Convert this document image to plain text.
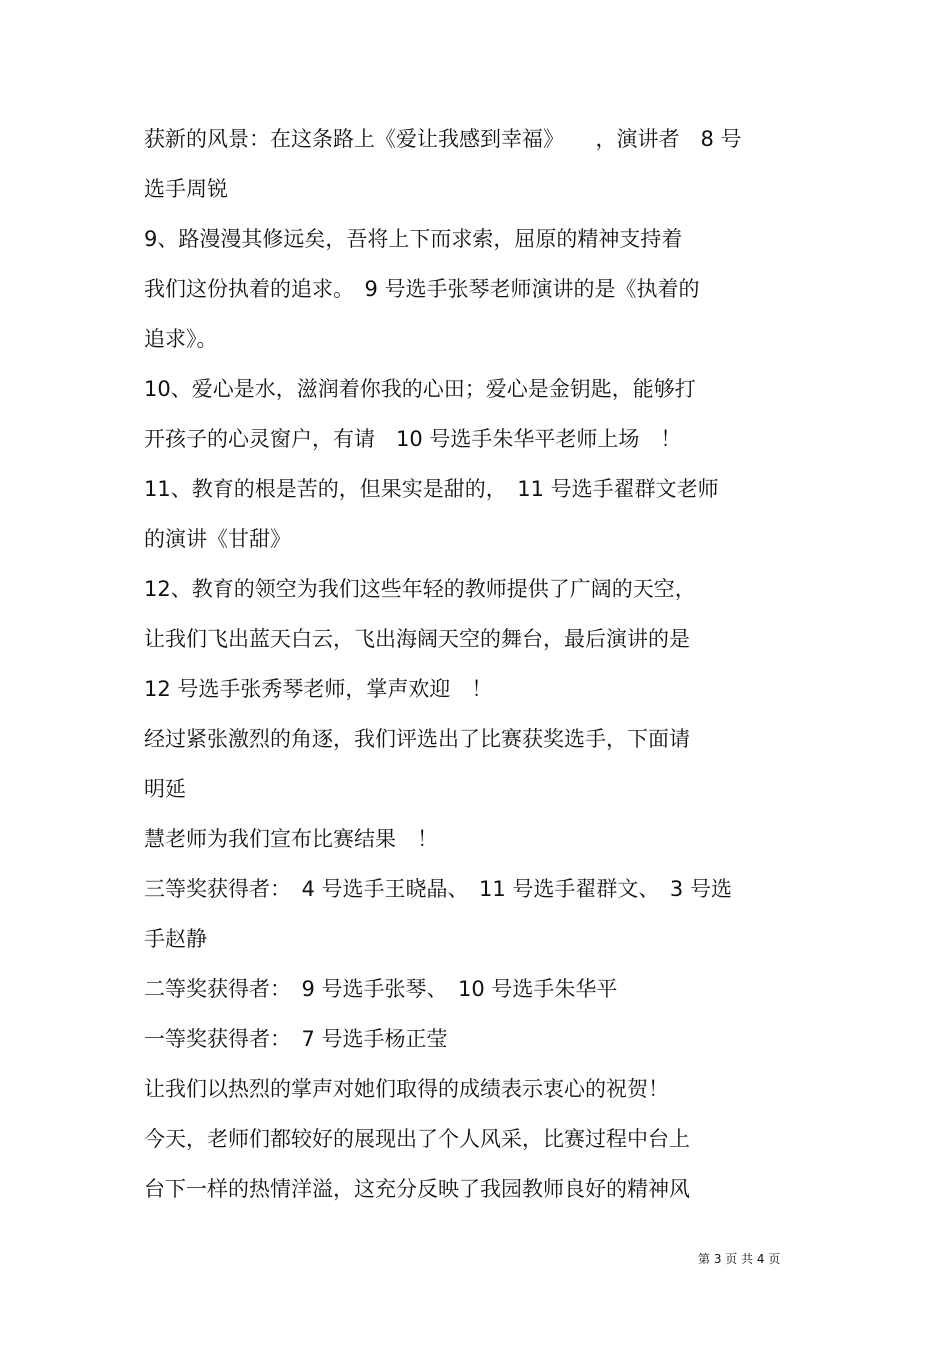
获新的风景：在这条路上《爱让我感到幸福》　　，演讲者　8 号
选手周锐
9、路漫漫其修远矣，吾将上下而求索，屈原的精神支持着
我们这份执着的追求。　9 号选手张琴老师演讲的是《执着的
追求》。
10、爱心是水，滋润着你我的心田；爱心是金钥匙，能够打
开孩子的心灵窗户，有请　10 号选手朱华平老师上场　！
11、教育的根是苦的，但果实是甜的，　11 号选手翟群文老师
的演讲《甘甜》
12、教育的领空为我们这些年轻的教师提供了广阔的天空，
让我们飞出蓝天白云，飞出海阔天空的舞台，最后演讲的是
12 号选手张秀琴老师，掌声欢迎　！
经过紧张激烈的角逐，我们评选出了比赛获奖选手，下面请
明延
慧老师为我们宣布比赛结果　！
三等奖获得者：　4 号选手王晓晶、　11 号选手翟群文、　3 号选
手赵静
二等奖获得者：　9 号选手张琴、　10 号选手朱华平
一等奖获得者：　7 号选手杨正莹
让我们以热烈的掌声对她们取得的成绩表示衷心的祝贺！
今天，老师们都较好的展现出了个人风采，比赛过程中台上
台下一样的热情洋溢，这充分反映了我园教师良好的精神风
第 3 页 共 4 页
